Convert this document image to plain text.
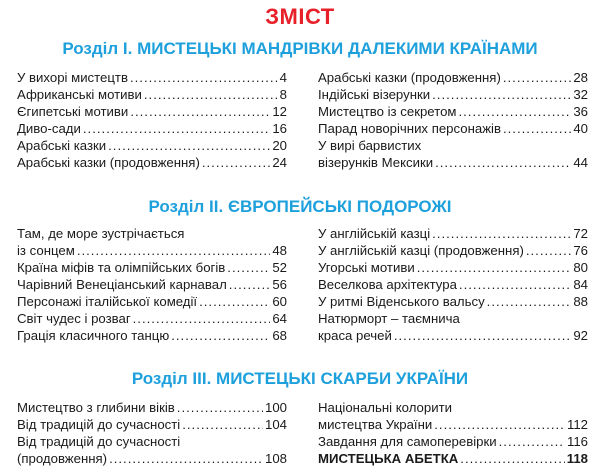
ЗМІСТ
Розділ І. МИСТЕЦЬКІ МАНДРІВКИ ДАЛЕКИМИ КРАЇНАМИ
У вихорі мистецтв .....	4
Африканські мотиви .....	8
Єгипетські мотиви .....	12
Диво-сади .....	16
Арабські казки .....	20
Арабські казки (продовження) .....	24
Арабські казки (продовження) .....	28
Індійські візерунки .....	32
Мистецтво із секретом .....	36
Парад новорічних персонажів .....	40
У вирі барвистих
візерунків Мексики .....	44
Розділ ІІ. ЄВРОПЕЙСЬКІ ПОДОРОЖІ
Там, де море зустрічається
із сонцем .....	48
Країна міфів та олімпійських богів .....	52
Чарівний Венеціанський карнавал .....	56
Персонажі італійської комедії .....	60
Світ чудес і розваг .....	64
Грація класичного танцю .....	68
У англійській казці .....	72
У англійській казці (продовження) .....	76
Угорські мотиви .....	80
Веселкова архітектура .....	84
У ритмі Віденського вальсу .....	88
Натюрморт – таємнича
краса речей .....	92
Розділ ІІІ. МИСТЕЦЬКІ СКАРБИ УКРАЇНИ
Мистецтво з глибини віків .....	100
Від традицій до сучасності .....	104
Від традицій до сучасності
(продовження) .....	108
Національні колорити
мистецтва України .....	112
Завдання для самоперевірки .....	116
МИСТЕЦЬКА АБЕТКА .....	118
